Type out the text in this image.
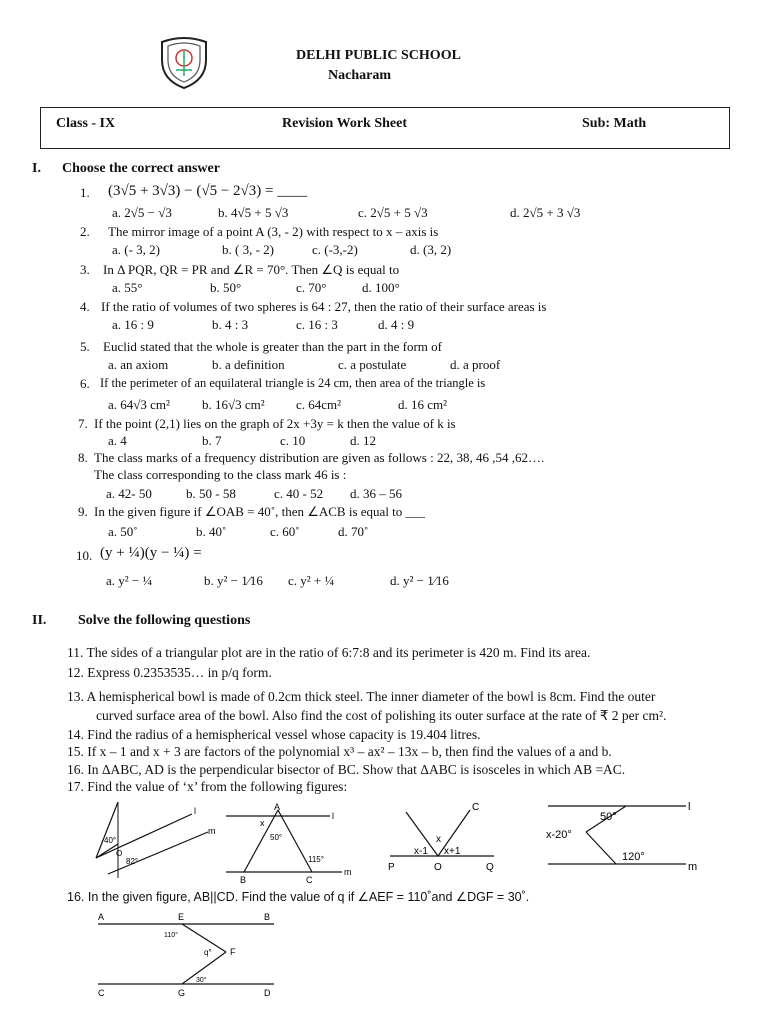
DELHI PUBLIC SCHOOL
Nacharam
Class - IX	Revision Work Sheet	Sub: Math
I. Choose the correct answer
1. (3√5 + 3√3) − (√5 − 2√3) = ____
a. 2√5 − √3	b. 4√5 + 5 √3	c. 2√5 + 5 √3	d. 2√5 + 3 √3
2. The mirror image of a point A (3, - 2) with respect to x – axis is
a. (- 3, 2)	b. ( 3, - 2)	c. (-3,-2)	d. (3, 2)
3. In Δ PQR, QR = PR and ∠R = 70°. Then ∠Q is equal to
a. 55°	b. 50°	c. 70°	d. 100°
4. If the ratio of volumes of two spheres is 64 : 27, then the ratio of their surface areas is
a. 16 : 9	b. 4 : 3	c. 16 : 3	d. 4 : 9
5. Euclid stated that the whole is greater than the part in the form of
a. an axiom	b. a definition	c. a postulate	d. a proof
6. If the perimeter of an equilateral triangle is 24 cm, then area of the triangle is
a. 64√3 cm² b. 16√3 cm² c. 64cm²	d. 16 cm²
7. If the point (2,1) lies on the graph of 2x +3y = k then the value of k is
a. 4	b. 7	c. 10	d. 12
8. The class marks of a frequency distribution are given as follows : 22, 38, 46 ,54 ,62….
The class corresponding to the class mark 46 is :
a. 42- 50	b. 50 - 58	c. 40 - 52 d. 36 – 56
9. In the given figure if ∠OAB = 40˚, then ∠ACB is equal to ___
a. 50˚	b. 40˚	c. 60˚	d. 70˚
10. (y + ¼)(y − ¼) =
a. y² − ¼	b. y² − 1⁄16 c. y² + ¼	d. y² − 1⁄16
II. Solve the following questions
11. The sides of a triangular plot are in the ratio of 6:7:8 and its perimeter is 420 m. Find its area.
12. Express 0.2353535… in p/q form.
13. A hemispherical bowl is made of 0.2cm thick steel. The inner diameter of the bowl is 8cm. Find the outer
curved surface area of the bowl. Also find the cost of polishing its outer surface at the rate of ₹ 2 per cm².
14. Find the radius of a hemispherical vessel whose capacity is 19.404 litres.
15. If x – 1 and x + 3 are factors of the polynomial x³ – ax² – 13x – b, then find the values of a and b.
16. In ΔABC, AD is the perpendicular bisector of BC. Show that ΔABC is isosceles in which AB =AC.
17. Find the value of ‘x’ from the following figures:
l
m
40°
O
82°
A
x
50°
l
115°
B	C
m
C
x
x-1 x+1
P	O	Q
50°
l
x-20°
120°
m
16. In the given figure, AB||CD. Find the value of q if ∠AEF = 110˚and ∠DGF = 30˚.
A	E	B
110°
q° F
30°
C	G	D
